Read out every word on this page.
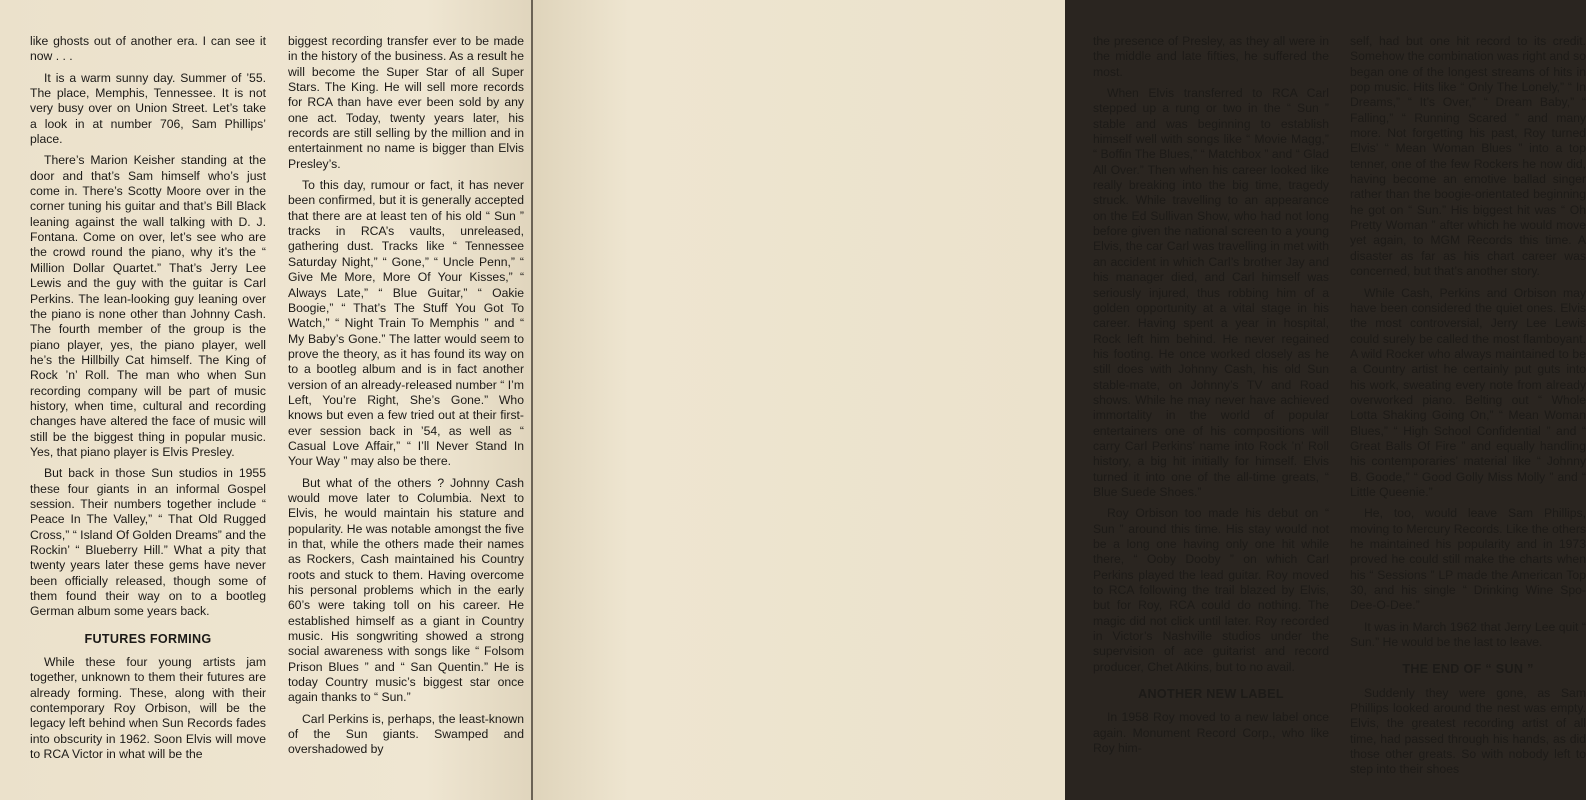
like ghosts out of another era. I can see it now . . .

It is a warm sunny day. Summer of ’55. The place, Memphis, Tennessee. It is not very busy over on Union Street. Let’s take a look in at number 706, Sam Phillips’ place.

There’s Marion Keisher standing at the door and that’s Sam himself who’s just come in. There’s Scotty Moore over in the corner tuning his guitar and that’s Bill Black leaning against the wall talking with D. J. Fontana. Come on over, let’s see who are the crowd round the piano, why it’s the “ Million Dollar Quartet.” That’s Jerry Lee Lewis and the guy with the guitar is Carl Perkins. The lean-looking guy leaning over the piano is none other than Johnny Cash. The fourth member of the group is the piano player, yes, the piano player, well he’s the Hillbilly Cat himself. The King of Rock ’n’ Roll. The man who when Sun recording company will be part of music history, when time, cultural and recording changes have altered the face of music will still be the biggest thing in popular music. Yes, that piano player is Elvis Presley.

But back in those Sun studios in 1955 these four giants in an informal Gospel session. Their numbers together include “ Peace In The Valley,” “ That Old Rugged Cross,” “ Island Of Golden Dreams” and the Rockin’ “ Blueberry Hill.” What a pity that twenty years later these gems have never been officially released, though some of them found their way on to a bootleg German album some years back.

FUTURES FORMING

While these four young artists jam together, unknown to them their futures are already forming. These, along with their contemporary Roy Orbison, will be the legacy left behind when Sun Records fades into obscurity in 1962. Soon Elvis will move to RCA Victor in what will be the

biggest recording transfer ever to be made in the history of the business. As a result he will become the Super Star of all Super Stars. The King. He will sell more records for RCA than have ever been sold by any one act. Today, twenty years later, his records are still selling by the million and in entertainment no name is bigger than Elvis Presley’s.

To this day, rumour or fact, it has never been confirmed, but it is generally accepted that there are at least ten of his old “ Sun ” tracks in RCA’s vaults, unreleased, gathering dust. Tracks like “ Tennessee Saturday Night,” “ Gone,” “ Uncle Penn,” “ Give Me More, More Of Your Kisses,” “ Always Late,” “ Blue Guitar,” “ Oakie Boogie,” “ That’s The Stuff You Got To Watch,” “ Night Train To Memphis ” and “ My Baby’s Gone.” The latter would seem to prove the theory, as it has found its way on to a bootleg album and is in fact another version of an already-released number “ I’m Left, You’re Right, She’s Gone.” Who knows but even a few tried out at their first-ever session back in ’54, as well as “ Casual Love Affair,” “ I’ll Never Stand In Your Way ” may also be there.

But what of the others ? Johnny Cash would move later to Columbia. Next to Elvis, he would maintain his stature and popularity. He was notable amongst the five in that, while the others made their names as Rockers, Cash maintained his Country roots and stuck to them. Having overcome his personal problems which in the early 60’s were taking toll on his career. He established himself as a giant in Country music. His songwriting showed a strong social awareness with songs like “ Folsom Prison Blues ” and “ San Quentin.” He is today Country music’s biggest star once again thanks to “ Sun.”

Carl Perkins is, perhaps, the least-known of the Sun giants. Swamped and overshadowed by

the presence of Presley, as they all were in the middle and late fifties, he suffered the most.

When Elvis transferred to RCA Carl stepped up a rung or two in the “ Sun ” stable and was beginning to establish himself well with songs like “ Movie Magg,” “ Boffin The Blues,” “ Matchbox ” and “ Glad All Over.” Then when his career looked like really breaking into the big time, tragedy struck. While travelling to an appearance on the Ed Sullivan Show, who had not long before given the national screen to a young Elvis, the car Carl was travelling in met with an accident in which Carl’s brother Jay and his manager died, and Carl himself was seriously injured, thus robbing him of a golden opportunity at a vital stage in his career. Having spent a year in hospital, Rock left him behind. He never regained his footing. He once worked closely as he still does with Johnny Cash, his old Sun stable-mate, on Johnny’s TV and Road shows. While he may never have achieved immortality in the world of popular entertainers one of his compositions will carry Carl Perkins’ name into Rock ’n’ Roll history, a big hit initially for himself. Elvis turned it into one of the all-time greats, “ Blue Suede Shoes.”

Roy Orbison too made his debut on “ Sun ” around this time. His stay would not be a long one having only one hit while there, “ Ooby Dooby ” on which Carl Perkins played the lead guitar. Roy moved to RCA following the trail blazed by Elvis, but for Roy, RCA could do nothing. The magic did not click until later. Roy recorded in Victor’s Nashville studios under the supervision of ace guitarist and record producer, Chet Atkins, but to no avail.

ANOTHER NEW LABEL

In 1958 Roy moved to a new label once again. Monument Record Corp., who like Roy him-

self, had but one hit record to its credit. Somehow the combination was right and so began one of the longest streams of hits in pop music. Hits like “ Only The Lonely,” “ In Dreams,” “ It’s Over,” “ Dream Baby,” “ Falling,” “ Running Scared ” and many more. Not forgetting his past, Roy turned Elvis’ “ Mean Woman Blues ” into a top tenner, one of the few Rockers he now did, having become an emotive ballad singer rather than the boogie-orientated beginning he got on “ Sun.” His biggest hit was “ Oh Pretty Woman ” after which he would move yet again, to MGM Records this time. A disaster as far as his chart career was concerned, but that’s another story.

While Cash, Perkins and Orbison may have been considered the quiet ones. Elvis the most controversial, Jerry Lee Lewis could surely be called the most flamboyant. A wild Rocker who always maintained to be a Country artist he certainly put guts into his work, sweating every note from already overworked piano. Belting out “ Whole Lotta Shaking Going On,” “ Mean Woman Blues,” “ High School Confidential ” and “ Great Balls Of Fire ” and equally handling his contemporaries’ material like “ Johnny B. Goode,” “ Good Golly Miss Molly ” and “ Little Queenie.”

He, too, would leave Sam Phillips, moving to Mercury Records. Like the others he maintained his popularity and in 1973 proved he could still make the charts when his “ Sessions ” LP made the American Top 30, and his single “ Drinking Wine Spo-Dee-O-Dee.”

It was in March 1962 that Jerry Lee quit “ Sun.” He would be the last to leave.

THE END OF “ SUN ”

Suddenly they were gone, as Sam Phillips looked around the nest was empty. Elvis, the greatest recording artist of all time, had passed through his hands, as did those other greats. So with nobody left to step into their shoes
